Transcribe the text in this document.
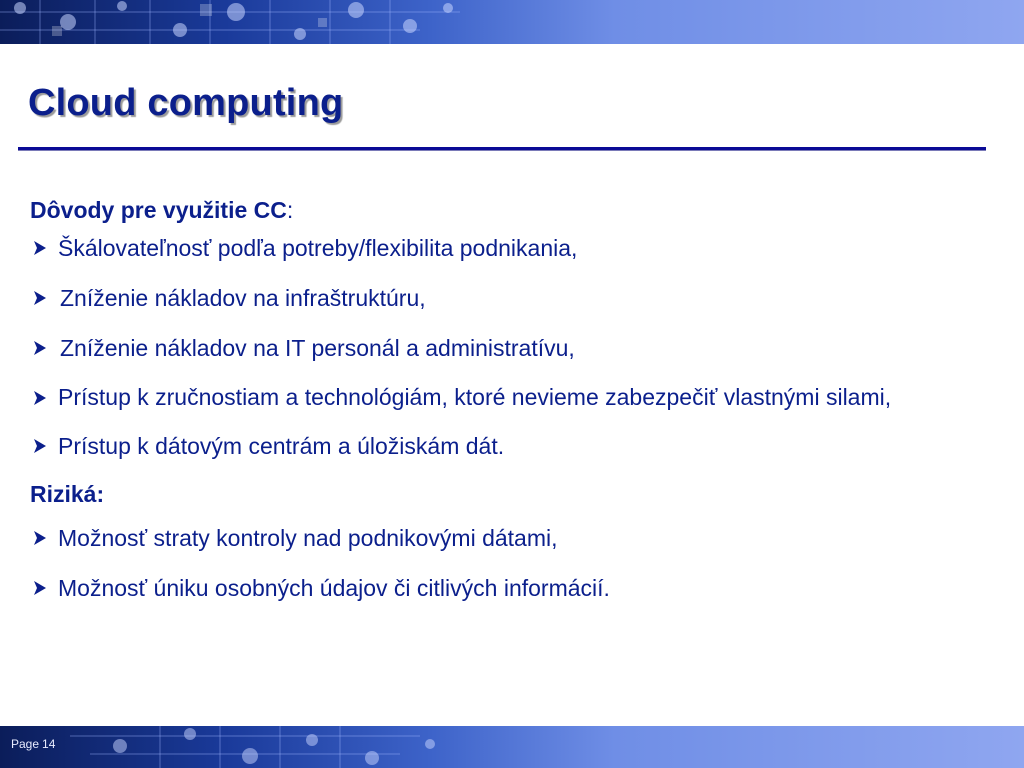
Cloud computing
Dôvody pre využitie CC:
Škálovateľnosť podľa potreby/flexibilita podnikania,
Zníženie nákladov na infraštruktúru,
Zníženie nákladov na IT personál a administratívu,
Prístup k zručnostiam a technológiám, ktoré nevieme zabezpečiť vlastnými silami,
Prístup k dátovým centrám a úložiskám dát.
Riziká:
Možnosť straty kontroly nad podnikovými dátami,
Možnosť úniku osobných údajov či citlivých informácií.
Page 14
